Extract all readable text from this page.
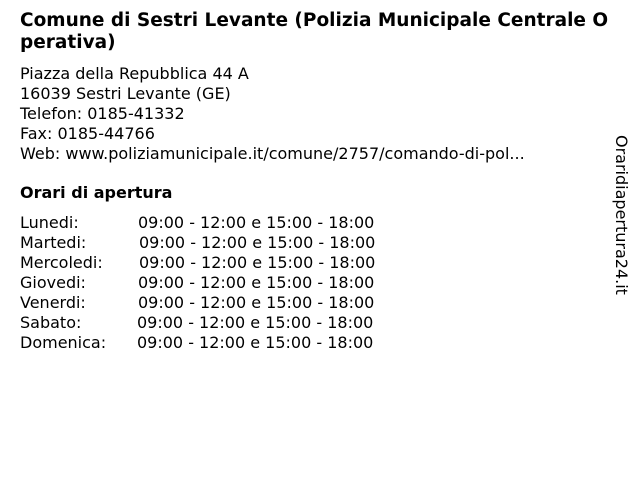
Comune di Sestri Levante (Polizia Municipale Centrale Operativa)
Piazza della Repubblica 44 A
16039 Sestri Levante (GE)
Telefon: 0185-41332
Fax: 0185-44766
Web: www.poliziamunicipale.it/comune/2757/comando-di-pol...
Orari di apertura
Lunedi:	09:00 - 12:00 e 15:00 - 18:00
Martedi:	09:00 - 12:00 e 15:00 - 18:00
Mercoledi: 09:00 - 12:00 e 15:00 - 18:00
Giovedi:	09:00 - 12:00 e 15:00 - 18:00
Venerdi:	09:00 - 12:00 e 15:00 - 18:00
Sabato:	09:00 - 12:00 e 15:00 - 18:00
Domenica: 09:00 - 12:00 e 15:00 - 18:00
Oraridiapertura24.it
